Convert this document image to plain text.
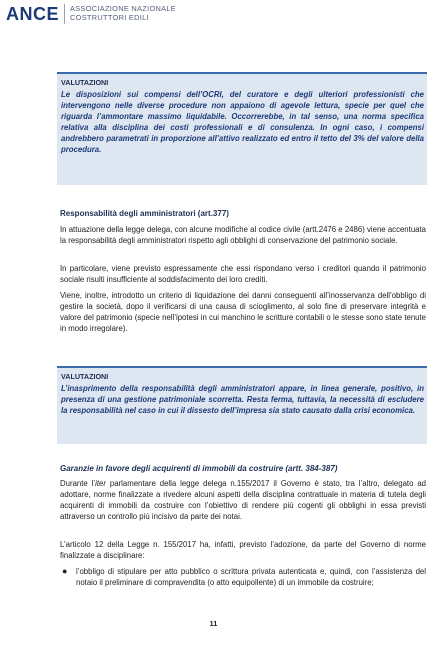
ANCE ASSOCIAZIONE NAZIONALE
COSTRUTTORI EDILI
VALUTAZIONI
Le disposizioni sui compensi dell’OCRI, del curatore e degli ulteriori professionisti che intervengono nelle diverse procedure non appaiono di agevole lettura, specie per quel che riguarda l’ammontare massimo liquidabile. Occorrerebbe, in tal senso, una norma specifica relativa alla disciplina dei costi professionali e di consulenza. In ogni caso, i compensi andrebbero parametrati in proporzione all’attivo realizzato ed entro il tetto del 3% del valore della procedura.
Responsabilità degli amministratori (art.377)
In attuazione della legge delega, con alcune modifiche al codice civile (artt.2476 e 2486) viene accentuata la responsabilità degli amministratori rispetto agli obblighi di conservazione del patrimonio sociale.
In particolare, viene previsto espressamente che essi rispondano verso i creditori quando il patrimonio sociale risulti insufficiente al soddisfacimento dei loro crediti.
Viene, inoltre, introdotto un criterio di liquidazione dei danni conseguenti all’inosservanza dell’obbligo di gestire la società, dopo il verificarsi di una causa di scioglimento, al solo fine di preservare integrità e valore del patrimonio (specie nell’ipotesi in cui manchino le scritture contabili o le stesse sono state tenute in modo irregolare).
VALUTAZIONI
L’inasprimento della responsabilità degli amministratori appare, in linea generale, positivo, in presenza di una gestione patrimoniale scorretta. Resta ferma, tuttavia, la necessità di escludere la responsabilità nel caso in cui il dissesto dell’impresa sia stato causato dalla crisi economica.
Garanzie in favore degli acquirenti di immobili da costruire (artt. 384-387)
Durante l’iter parlamentare della legge delega n.155/2017 il Governo è stato, tra l’altro, delegato ad adottare, norme finalizzate a rivedere alcuni aspetti della disciplina contrattuale in materia di tutela degli acquirenti di immobili da costruire con l’obiettivo di rendere più cogenti gli obblighi in essa previsti attraverso un controllo più incisivo da parte dei notai.
L’articolo 12 della Legge n. 155/2017 ha, infatti, previsto l’adozione, da parte del Governo di norme finalizzate a disciplinare:
● l’obbligo di stipulare per atto pubblico o scrittura privata autenticata e, quindi, con l’assistenza del notaio il preliminare di compravendita (o atto equipollente) di un immobile da costruire;
11
